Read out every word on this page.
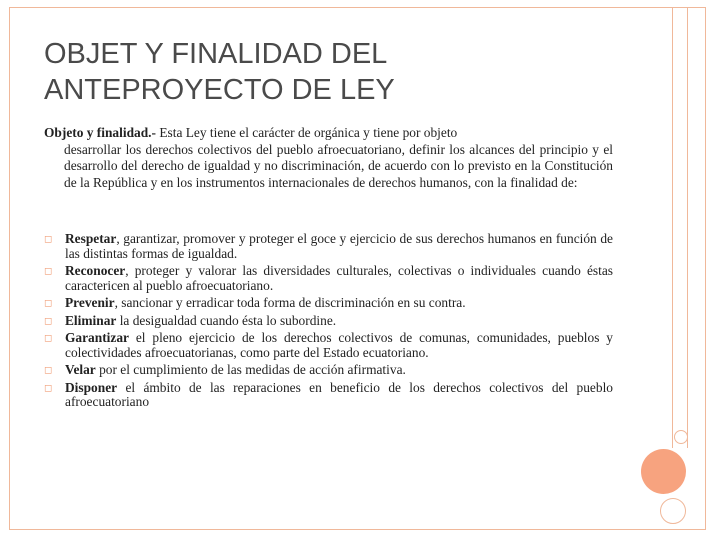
OBJET Y FINALIDAD DEL ANTEPROYECTO DE LEY
Objeto y finalidad.- Esta Ley tiene el carácter de orgánica y tiene por objeto
desarrollar los derechos colectivos del pueblo afroecuatoriano, definir los alcances del principio y el desarrollo del derecho de igualdad y no discriminación, de acuerdo con lo previsto en la Constitución de la República y en los instrumentos internacionales de derechos humanos, con la finalidad de:
◻ Respetar, garantizar, promover y proteger el goce y ejercicio de sus derechos humanos en función de las distintas formas de igualdad.
◻ Reconocer, proteger y valorar las diversidades culturales, colectivas o individuales cuando éstas caractericen al pueblo afroecuatoriano.
◻ Prevenir, sancionar y erradicar toda forma de discriminación en su contra.
◻ Eliminar la desigualdad cuando ésta lo subordine.
◻ Garantizar el pleno ejercicio de los derechos colectivos de comunas, comunidades, pueblos y colectividades afroecuatorianas, como parte del Estado ecuatoriano.
◻ Velar por el cumplimiento de las medidas de acción afirmativa.
◻ Disponer el ámbito de las reparaciones en beneficio de los derechos colectivos del pueblo afroecuatoriano
